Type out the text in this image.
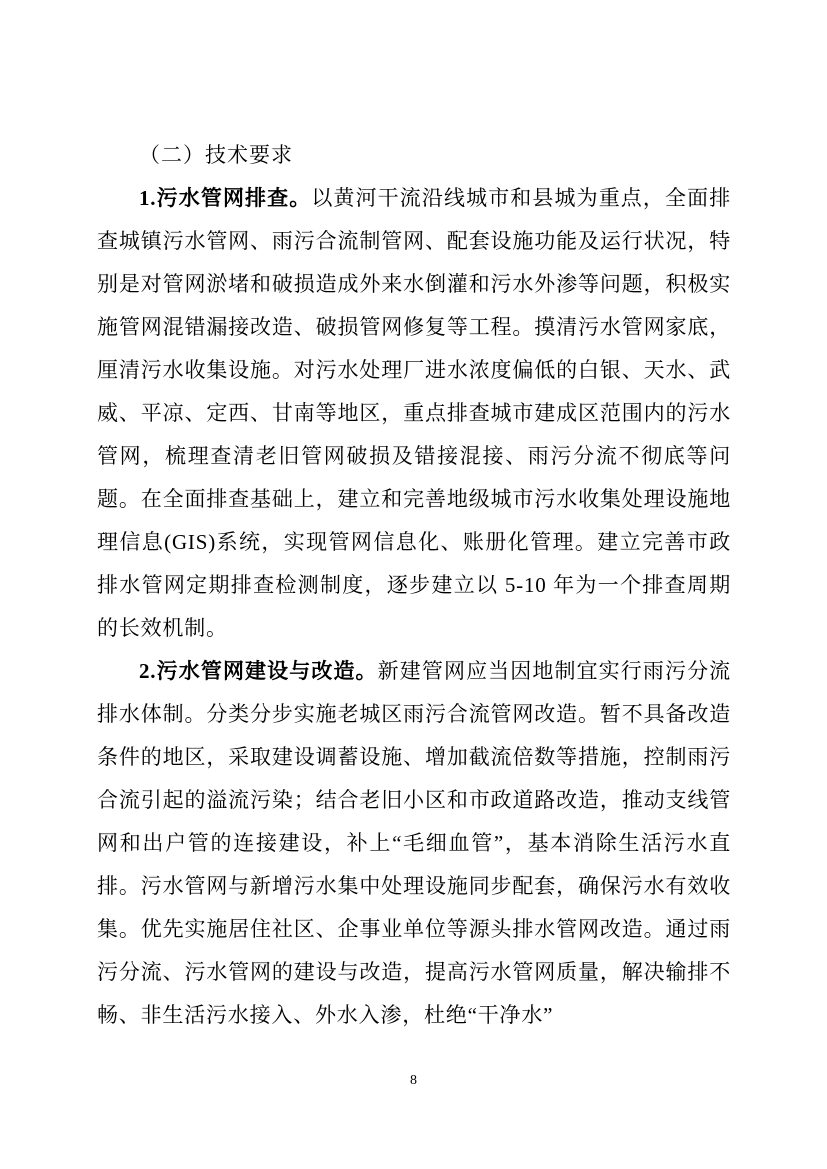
（二）技术要求

1.污水管网排查。以黄河干流沿线城市和县城为重点，全面排查城镇污水管网、雨污合流制管网、配套设施功能及运行状况，特别是对管网淤堵和破损造成外来水倒灌和污水外渗等问题，积极实施管网混错漏接改造、破损管网修复等工程。摸清污水管网家底，厘清污水收集设施。对污水处理厂进水浓度偏低的白银、天水、武威、平凉、定西、甘南等地区，重点排查城市建成区范围内的污水管网，梳理查清老旧管网破损及错接混接、雨污分流不彻底等问题。在全面排查基础上，建立和完善地级城市污水收集处理设施地理信息(GIS)系统，实现管网信息化、账册化管理。建立完善市政排水管网定期排查检测制度，逐步建立以 5-10 年为一个排查周期的长效机制。

2.污水管网建设与改造。新建管网应当因地制宜实行雨污分流排水体制。分类分步实施老城区雨污合流管网改造。暂不具备改造条件的地区，采取建设调蓄设施、增加截流倍数等措施，控制雨污合流引起的溢流污染；结合老旧小区和市政道路改造，推动支线管网和出户管的连接建设，补上“毛细血管”，基本消除生活污水直排。污水管网与新增污水集中处理设施同步配套，确保污水有效收集。优先实施居住社区、企事业单位等源头排水管网改造。通过雨污分流、污水管网的建设与改造，提高污水管网质量，解决输排不畅、非生活污水接入、外水入渗，杜绝“干净水”

8
